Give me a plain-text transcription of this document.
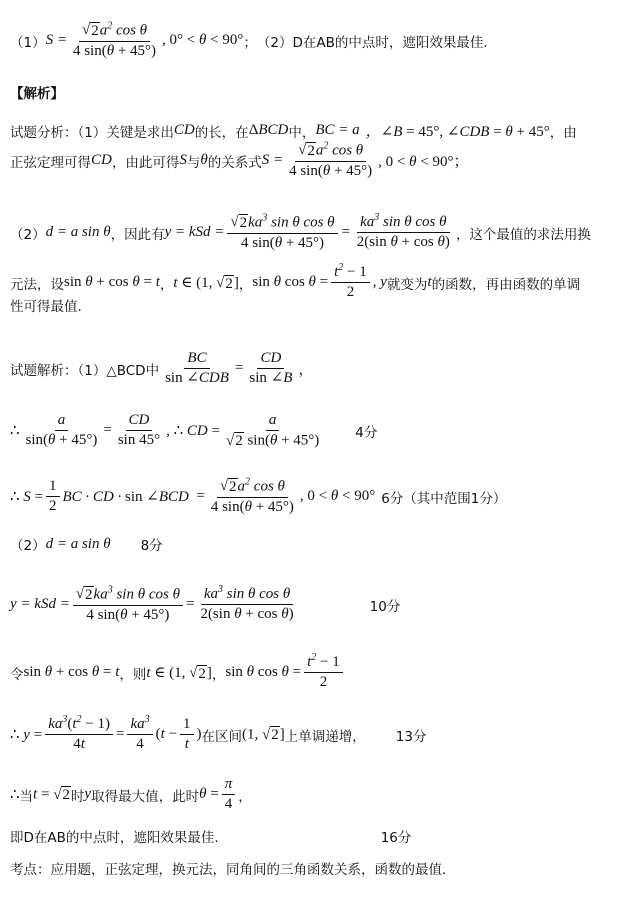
（1） $S = \frac{√ 2 a^2 \cos \theta}{4 \sin(\theta + 45^\circ)}$ , 0° < θ < 90° ； （2） D在AB的中点时，遮阳效果最佳.
【解析】
试题分析：（1）关键是求出 CD 的长，在 ΔBCD 中， BC = a ，∠B = 45°, ∠CDB = θ + 45° ，由
正弦定理可得 CD ，由此可得 S 与 θ 的关系式 $S = \frac{√ 2 a^2 \cos \theta}{4 \sin(\theta + 45^\circ)}$ , 0 < θ < 90°；
（2） d = a sin θ ，因此有 y = kSd = $\frac{√ 2 ka^3 \sin \theta \cos \theta}{4 \sin(\theta + 45^\circ)} = \frac{ka^3 \sin \theta \cos \theta}{\text{2(sin θ + cos θ)}}$ ，这个最值的求法用换
元法，设 sin θ + cos θ = t ， t ∈ (1, √ 2 ] ， sin θ $\cos \theta = \frac{t^2 - 1}{2}$ , y 就变为 t 的函数，再由函数的单调
性可得最值.
试题解析：（1）△BCD中 $\frac{BC}{\text{sin ∠CDB}} = \frac{CD}{\sin \angle B}$ ，
∴ $\frac{a}{\sin(\theta + 45^\circ)} = \frac{CD}{\sin 45^\circ}$ , ∴ CD = $\frac{a}{√ 2 \sin(\theta + 45^\circ)} 4$分
∴ $S = \frac{1}{2}$ BC · CD · sin ∠BCD = $\frac{√ 2 a^2 \cos \theta}{4 \sin(\theta + 45^\circ)}$ , 0 < θ < 90° 6分（其中范围1分）
（2） d = a sin θ 8分
y = kSd = $\frac{√ 2 ka^3 \sin \theta \cos \theta}{4 \sin(\theta + 45^\circ)} = \frac{ka^3 \sin \theta \cos \theta}{\text{2(sin θ + cos θ)}}$	10分
令 sin θ + cos θ = t ，则 t ∈ (1, √ 2 ] ， sin θ $\cos \theta = \frac{t^2 - 1}{2}$
∴ $y = \frac{ka^3(t^2 - 1)}{4t} = \frac{ka^3}{4} (t - \frac{1}{t}$ ) 在区间 (1, √ 2 ] 上单调递增， 13分
∴ 当 t = √ 2 时 y 取得最大值，此时 $\theta = \frac{\pi}{4}$ ，
即D在AB的中点时，遮阳效果最佳.	16分
考点：应用题，正弦定理，换元法，同角间的三角函数关系，函数的最值.
